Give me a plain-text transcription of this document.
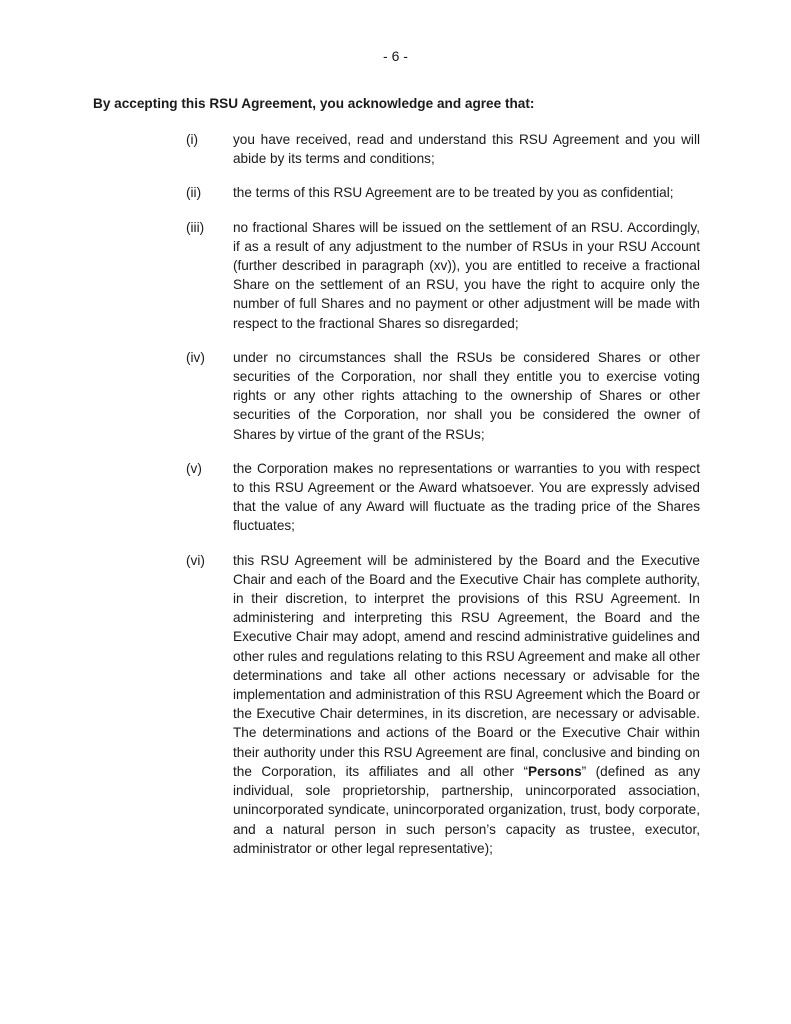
- 6 -
By accepting this RSU Agreement, you acknowledge and agree that:
(i)	you have received, read and understand this RSU Agreement and you will abide by its terms and conditions;
(ii)	the terms of this RSU Agreement are to be treated by you as confidential;
(iii)	no fractional Shares will be issued on the settlement of an RSU. Accordingly, if as a result of any adjustment to the number of RSUs in your RSU Account (further described in paragraph (xv)), you are entitled to receive a fractional Share on the settlement of an RSU, you have the right to acquire only the number of full Shares and no payment or other adjustment will be made with respect to the fractional Shares so disregarded;
(iv)	under no circumstances shall the RSUs be considered Shares or other securities of the Corporation, nor shall they entitle you to exercise voting rights or any other rights attaching to the ownership of Shares or other securities of the Corporation, nor shall you be considered the owner of Shares by virtue of the grant of the RSUs;
(v)	the Corporation makes no representations or warranties to you with respect to this RSU Agreement or the Award whatsoever. You are expressly advised that the value of any Award will fluctuate as the trading price of the Shares fluctuates;
(vi)	this RSU Agreement will be administered by the Board and the Executive Chair and each of the Board and the Executive Chair has complete authority, in their discretion, to interpret the provisions of this RSU Agreement. In administering and interpreting this RSU Agreement, the Board and the Executive Chair may adopt, amend and rescind administrative guidelines and other rules and regulations relating to this RSU Agreement and make all other determinations and take all other actions necessary or advisable for the implementation and administration of this RSU Agreement which the Board or the Executive Chair determines, in its discretion, are necessary or advisable. The determinations and actions of the Board or the Executive Chair within their authority under this RSU Agreement are final, conclusive and binding on the Corporation, its affiliates and all other “Persons” (defined as any individual, sole proprietorship, partnership, unincorporated association, unincorporated syndicate, unincorporated organization, trust, body corporate, and a natural person in such person’s capacity as trustee, executor, administrator or other legal representative);
